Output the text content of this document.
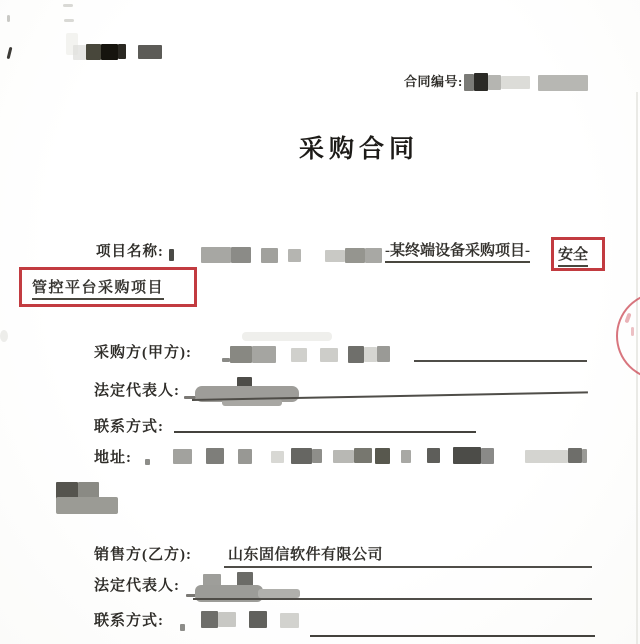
合同编号:
采购合同
项目名称:	-某终端设备采购项目- 安全
管控平台采购项目
采购方(甲方):
法定代表人:
联系方式:
地址:
销售方(乙方): 山东固信软件有限公司
法定代表人:
联系方式:
